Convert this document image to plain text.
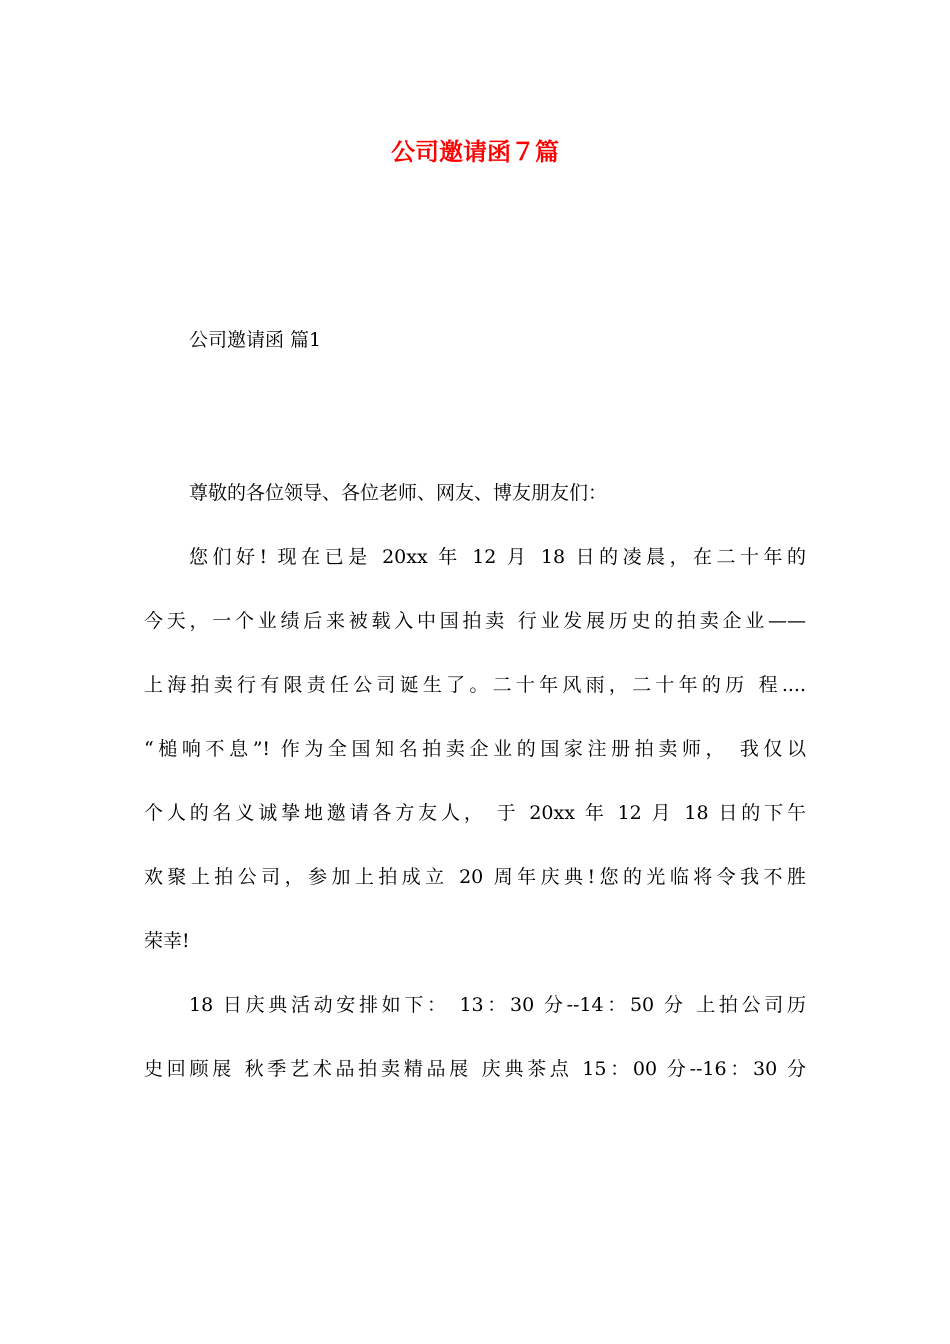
公司邀请函７篇

公司邀请函 篇1

尊敬的各位领导、各位老师、网友、博友朋友们：
您们好! 现在已是 20xx 年 12 月 18 日的凌晨，在二十年的
今天，一个业绩后来被载入中国拍卖 行业发展历史的拍卖企业——
上海拍卖行有限责任公司诞生了。二十年风雨，二十年的历 程....
“槌响不息”! 作为全国知名拍卖企业的国家注册拍卖师， 我仅以
个人的名义诚挚地邀请各方友人， 于 20xx 年 12 月 18 日的下午
欢聚上拍公司，参加上拍成立 20 周年庆典!您的光临将令我不胜
荣幸!
18 日庆典活动安排如下： 13：30 分--14：50 分 上拍公司历
史回顾展 秋季艺术品拍卖精品展 庆典茶点 15：00 分--16：30 分
